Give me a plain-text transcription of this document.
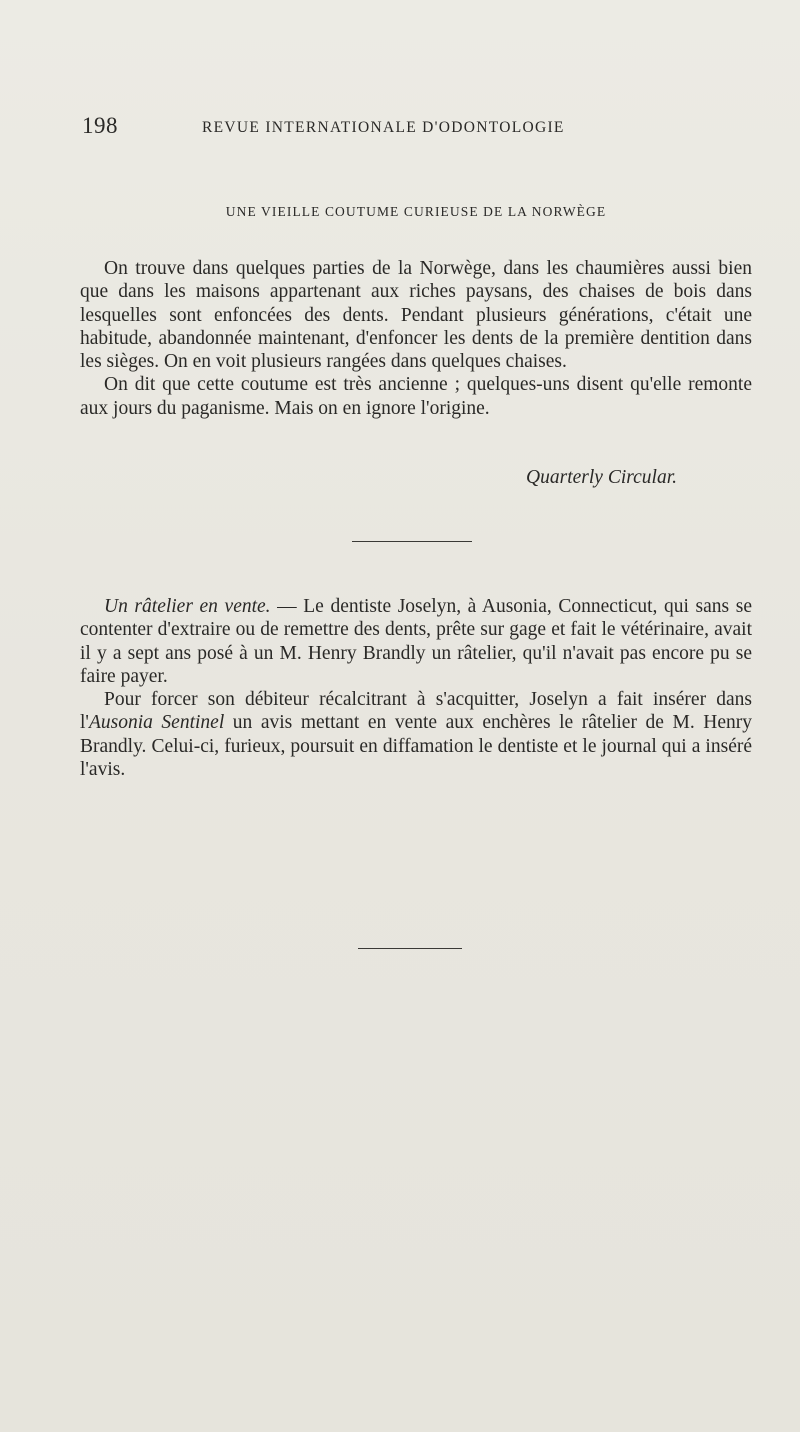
198	REVUE INTERNATIONALE D'ODONTOLOGIE
UNE VIEILLE COUTUME CURIEUSE DE LA NORWÈGE

On trouve dans quelques parties de la Norwège, dans les chaumières aussi bien que dans les maisons appartenant aux riches paysans, des chaises de bois dans lesquelles sont enfoncées des dents. Pendant plusieurs générations, c'était une habitude, abandonnée maintenant, d'enfoncer les dents de la première dentition dans les sièges. On en voit plusieurs rangées dans quelques chaises.

On dit que cette coutume est très ancienne ; quelques-uns disent qu'elle remonte aux jours du paganisme. Mais on en ignore l'origine.

Quarterly Circular.

Un râtelier en vente. — Le dentiste Joselyn, à Ausonia, Connecticut, qui sans se contenter d'extraire ou de remettre des dents, prête sur gage et fait le vétérinaire, avait il y a sept ans posé à un M. Henry Brandly un râtelier, qu'il n'avait pas encore pu se faire payer.

Pour forcer son débiteur récalcitrant à s'acquitter, Joselyn a fait insérer dans l'Ausonia Sentinel un avis mettant en vente aux enchères le râtelier de M. Henry Brandly. Celui-ci, furieux, poursuit en diffamation le dentiste et le journal qui a inséré l'avis.
